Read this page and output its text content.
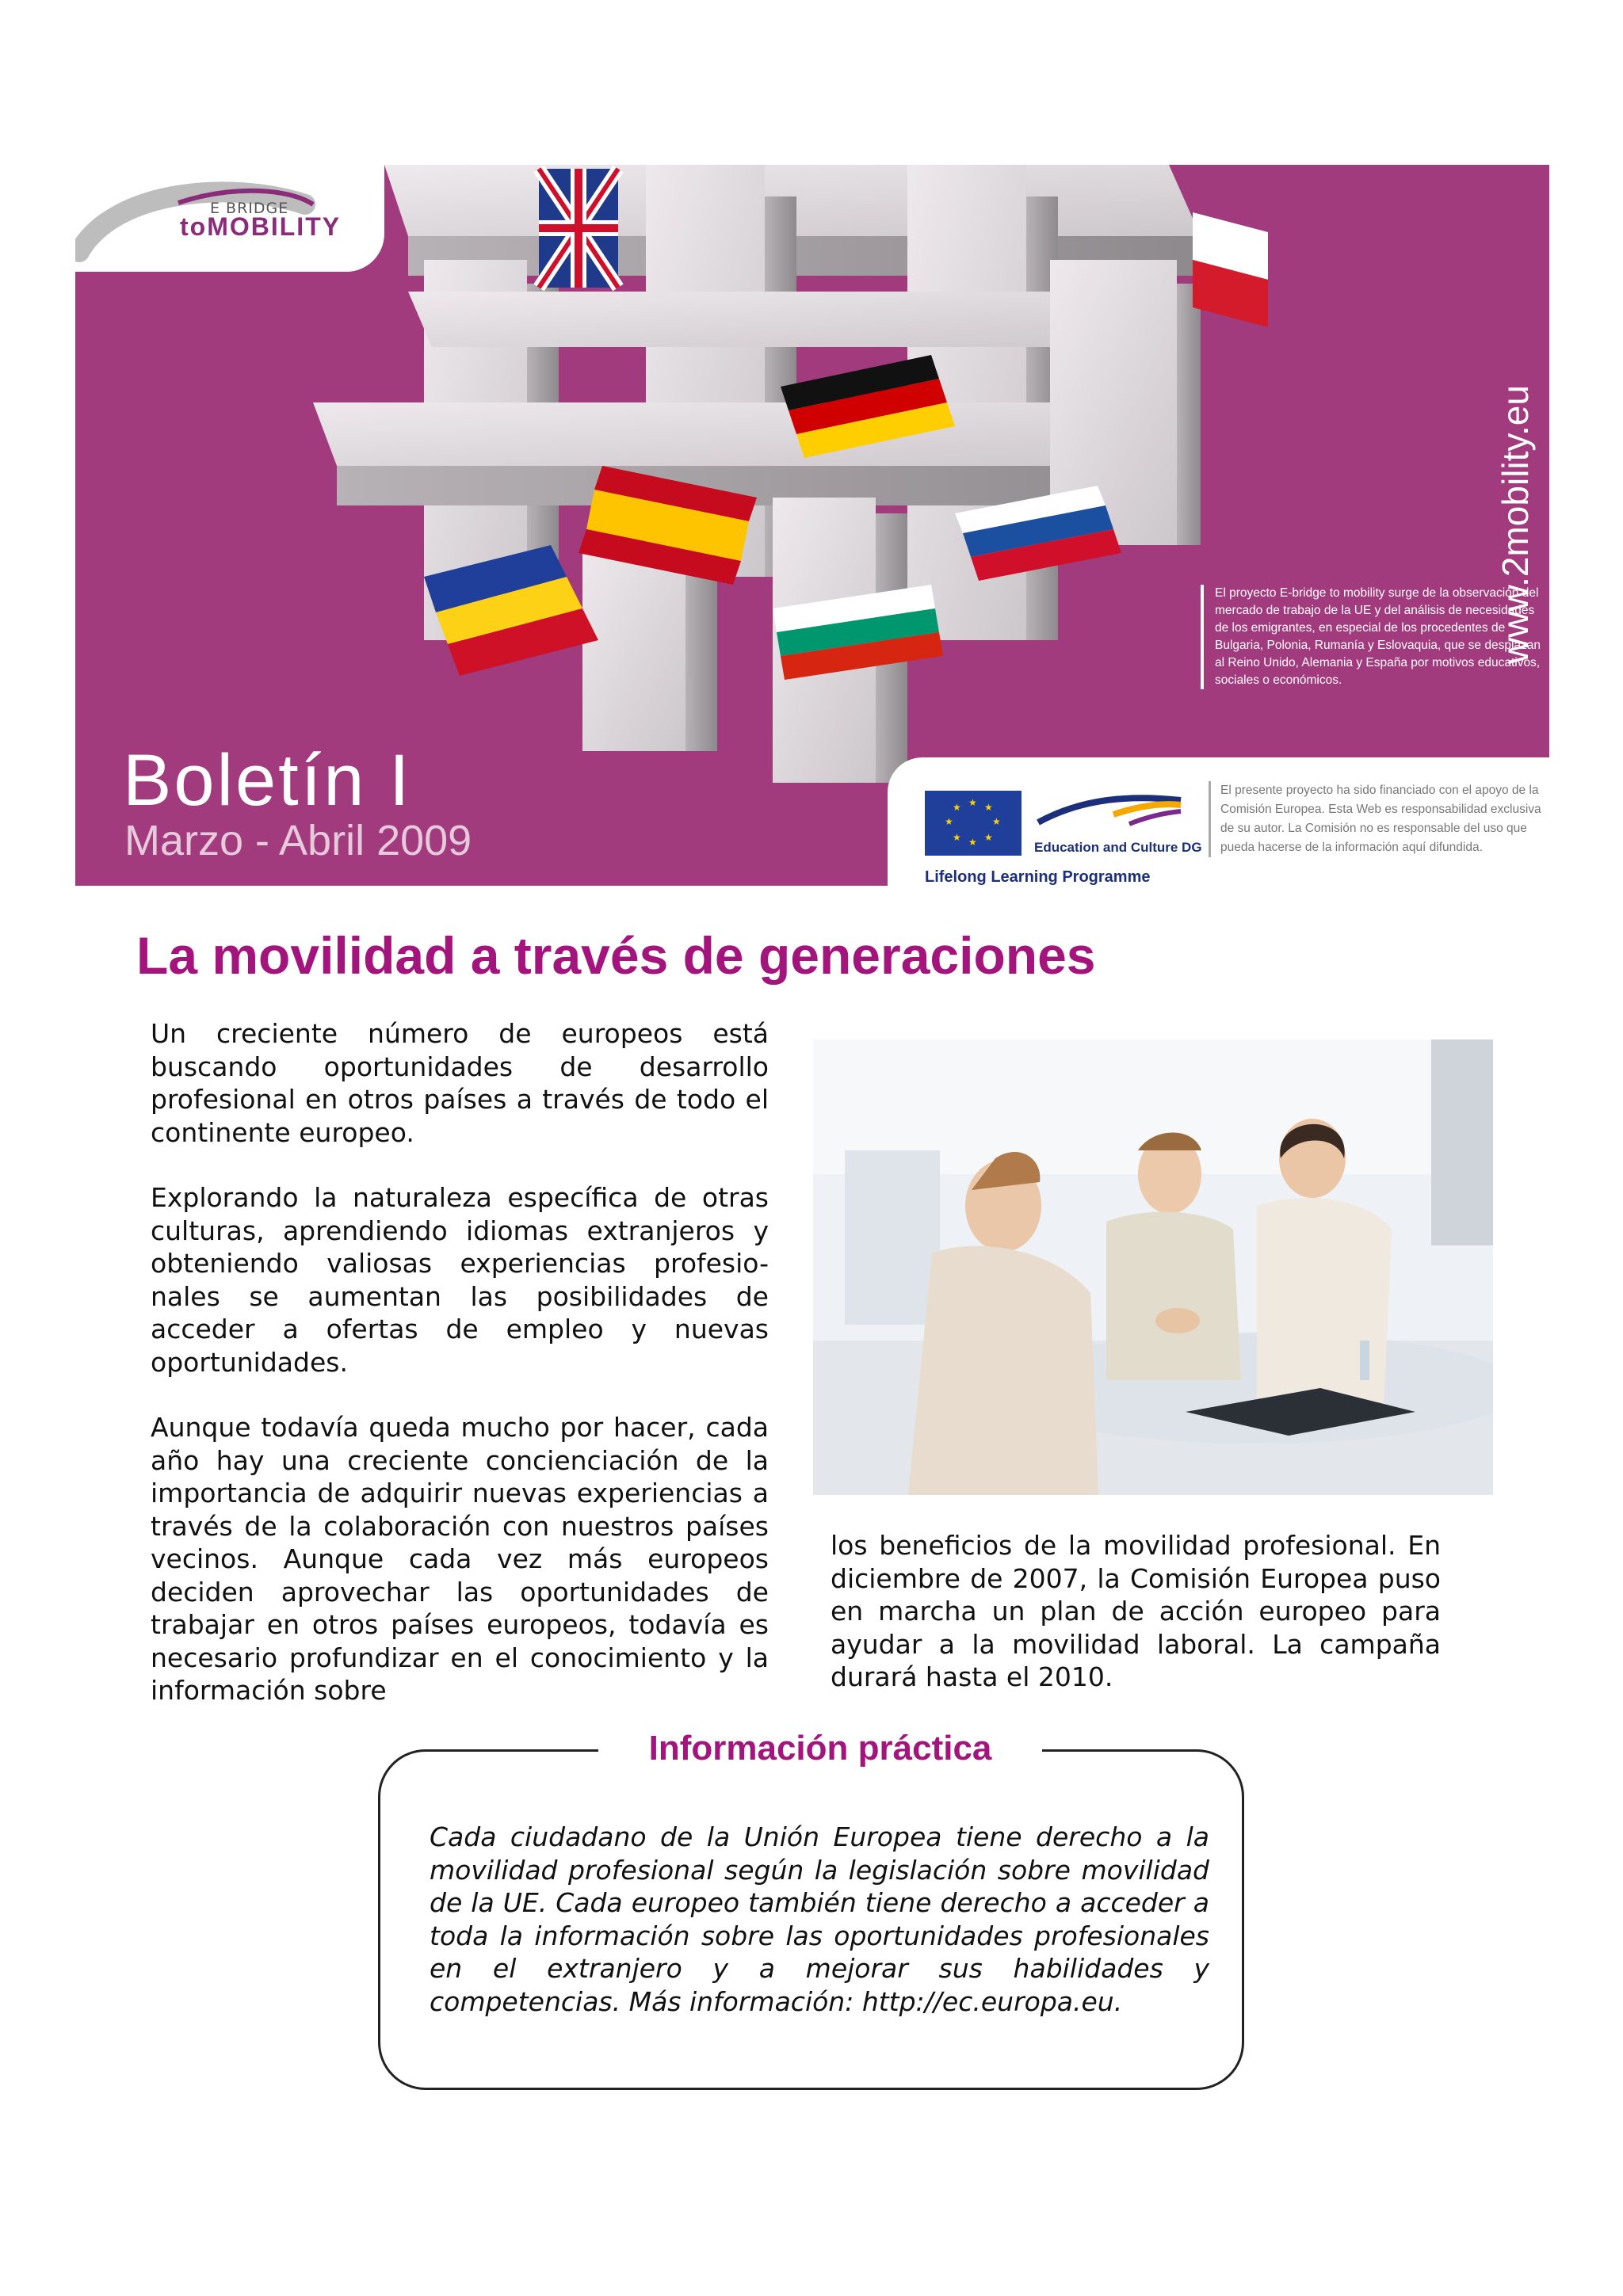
E BRIDGE
toMOBILITY
www.2mobility.eu
El proyecto E-bridge to mobility surge de la observación del mercado de trabajo de la UE y del análisis de necesidades de los emigrantes, en especial de los procedentes de Bulgaria, Polonia, Rumanía y Eslovaquia, que se desplazan al Reino Unido, Alemania y España por motivos educativos, sociales o económicos.
Boletín I
Marzo - Abril 2009
★ ★
★
★
★
★
★
★
Education and Culture DG
Lifelong Learning Programme
El presente proyecto ha sido financiado con el apoyo de la Comisión Europea. Esta Web es responsabilidad exclusiva de su autor. La Comisión no es responsable del uso que pueda hacerse de la información aquí difundida.
La movilidad a través de generaciones

Un creciente número de europeos está buscando oportunidades de desarrollo profesional en otros países a través de todo el continente europeo.

Explorando la naturaleza específica de otras culturas, aprendiendo idiomas extranjeros y obteniendo valiosas experiencias profesio-nales se aumentan las posibilidades de acceder a ofertas de empleo y nuevas oportunidades.

Aunque todavía queda mucho por hacer, cada año hay una creciente concienciación de la importancia de adquirir nuevas experiencias a través de la colaboración con nuestros países vecinos. Aunque cada vez más europeos deciden aprovechar las oportunidades de trabajar en otros países europeos, todavía es necesario profundizar en el conocimiento y la información sobre

los beneficios de la movilidad profesional. En diciembre de 2007, la Comisión Europea puso en marcha un plan de acción europeo para ayudar a la movilidad laboral. La campaña durará hasta el 2010.

Información práctica
Cada ciudadano de la Unión Europea tiene derecho a la movilidad profesional según la legislación sobre movilidad de la UE. Cada europeo también tiene derecho a acceder a toda la información sobre las oportunidades profesionales en el extranjero y a mejorar sus habilidades y competencias. Más información: http://ec.europa.eu.
